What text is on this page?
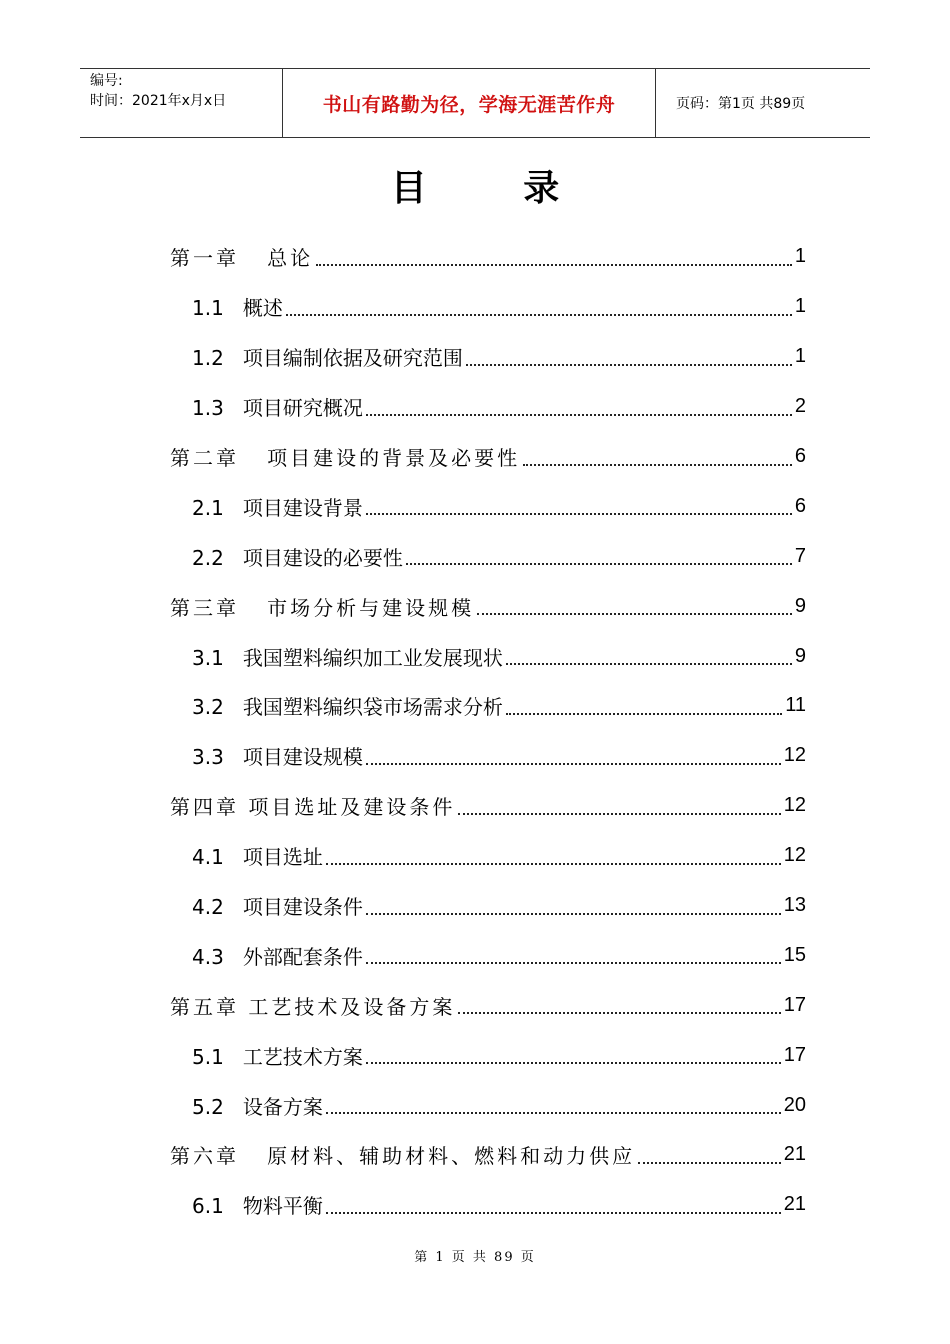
编号:
时间：2021年x月x日	书山有路勤为径，学海无涯苦作舟	页码：第1页 共89页
目 录
第一章   总论	1
1.1   概述	1
1.2   项目编制依据及研究范围	1
1.3   项目研究概况	2
第二章   项目建设的背景及必要性	6
2.1   项目建设背景	6
2.2   项目建设的必要性	7
第三章   市场分析与建设规模	9
3.1   我国塑料编织加工业发展现状	9
3.2   我国塑料编织袋市场需求分析	11
3.3   项目建设规模	12
第四章 项目选址及建设条件	12
4.1   项目选址	12
4.2   项目建设条件	13
4.3   外部配套条件	15
第五章 工艺技术及设备方案	17
5.1   工艺技术方案	17
5.2   设备方案	20
第六章   原材料、辅助材料、燃料和动力供应	21
6.1   物料平衡	21
第 1 页 共 89 页
